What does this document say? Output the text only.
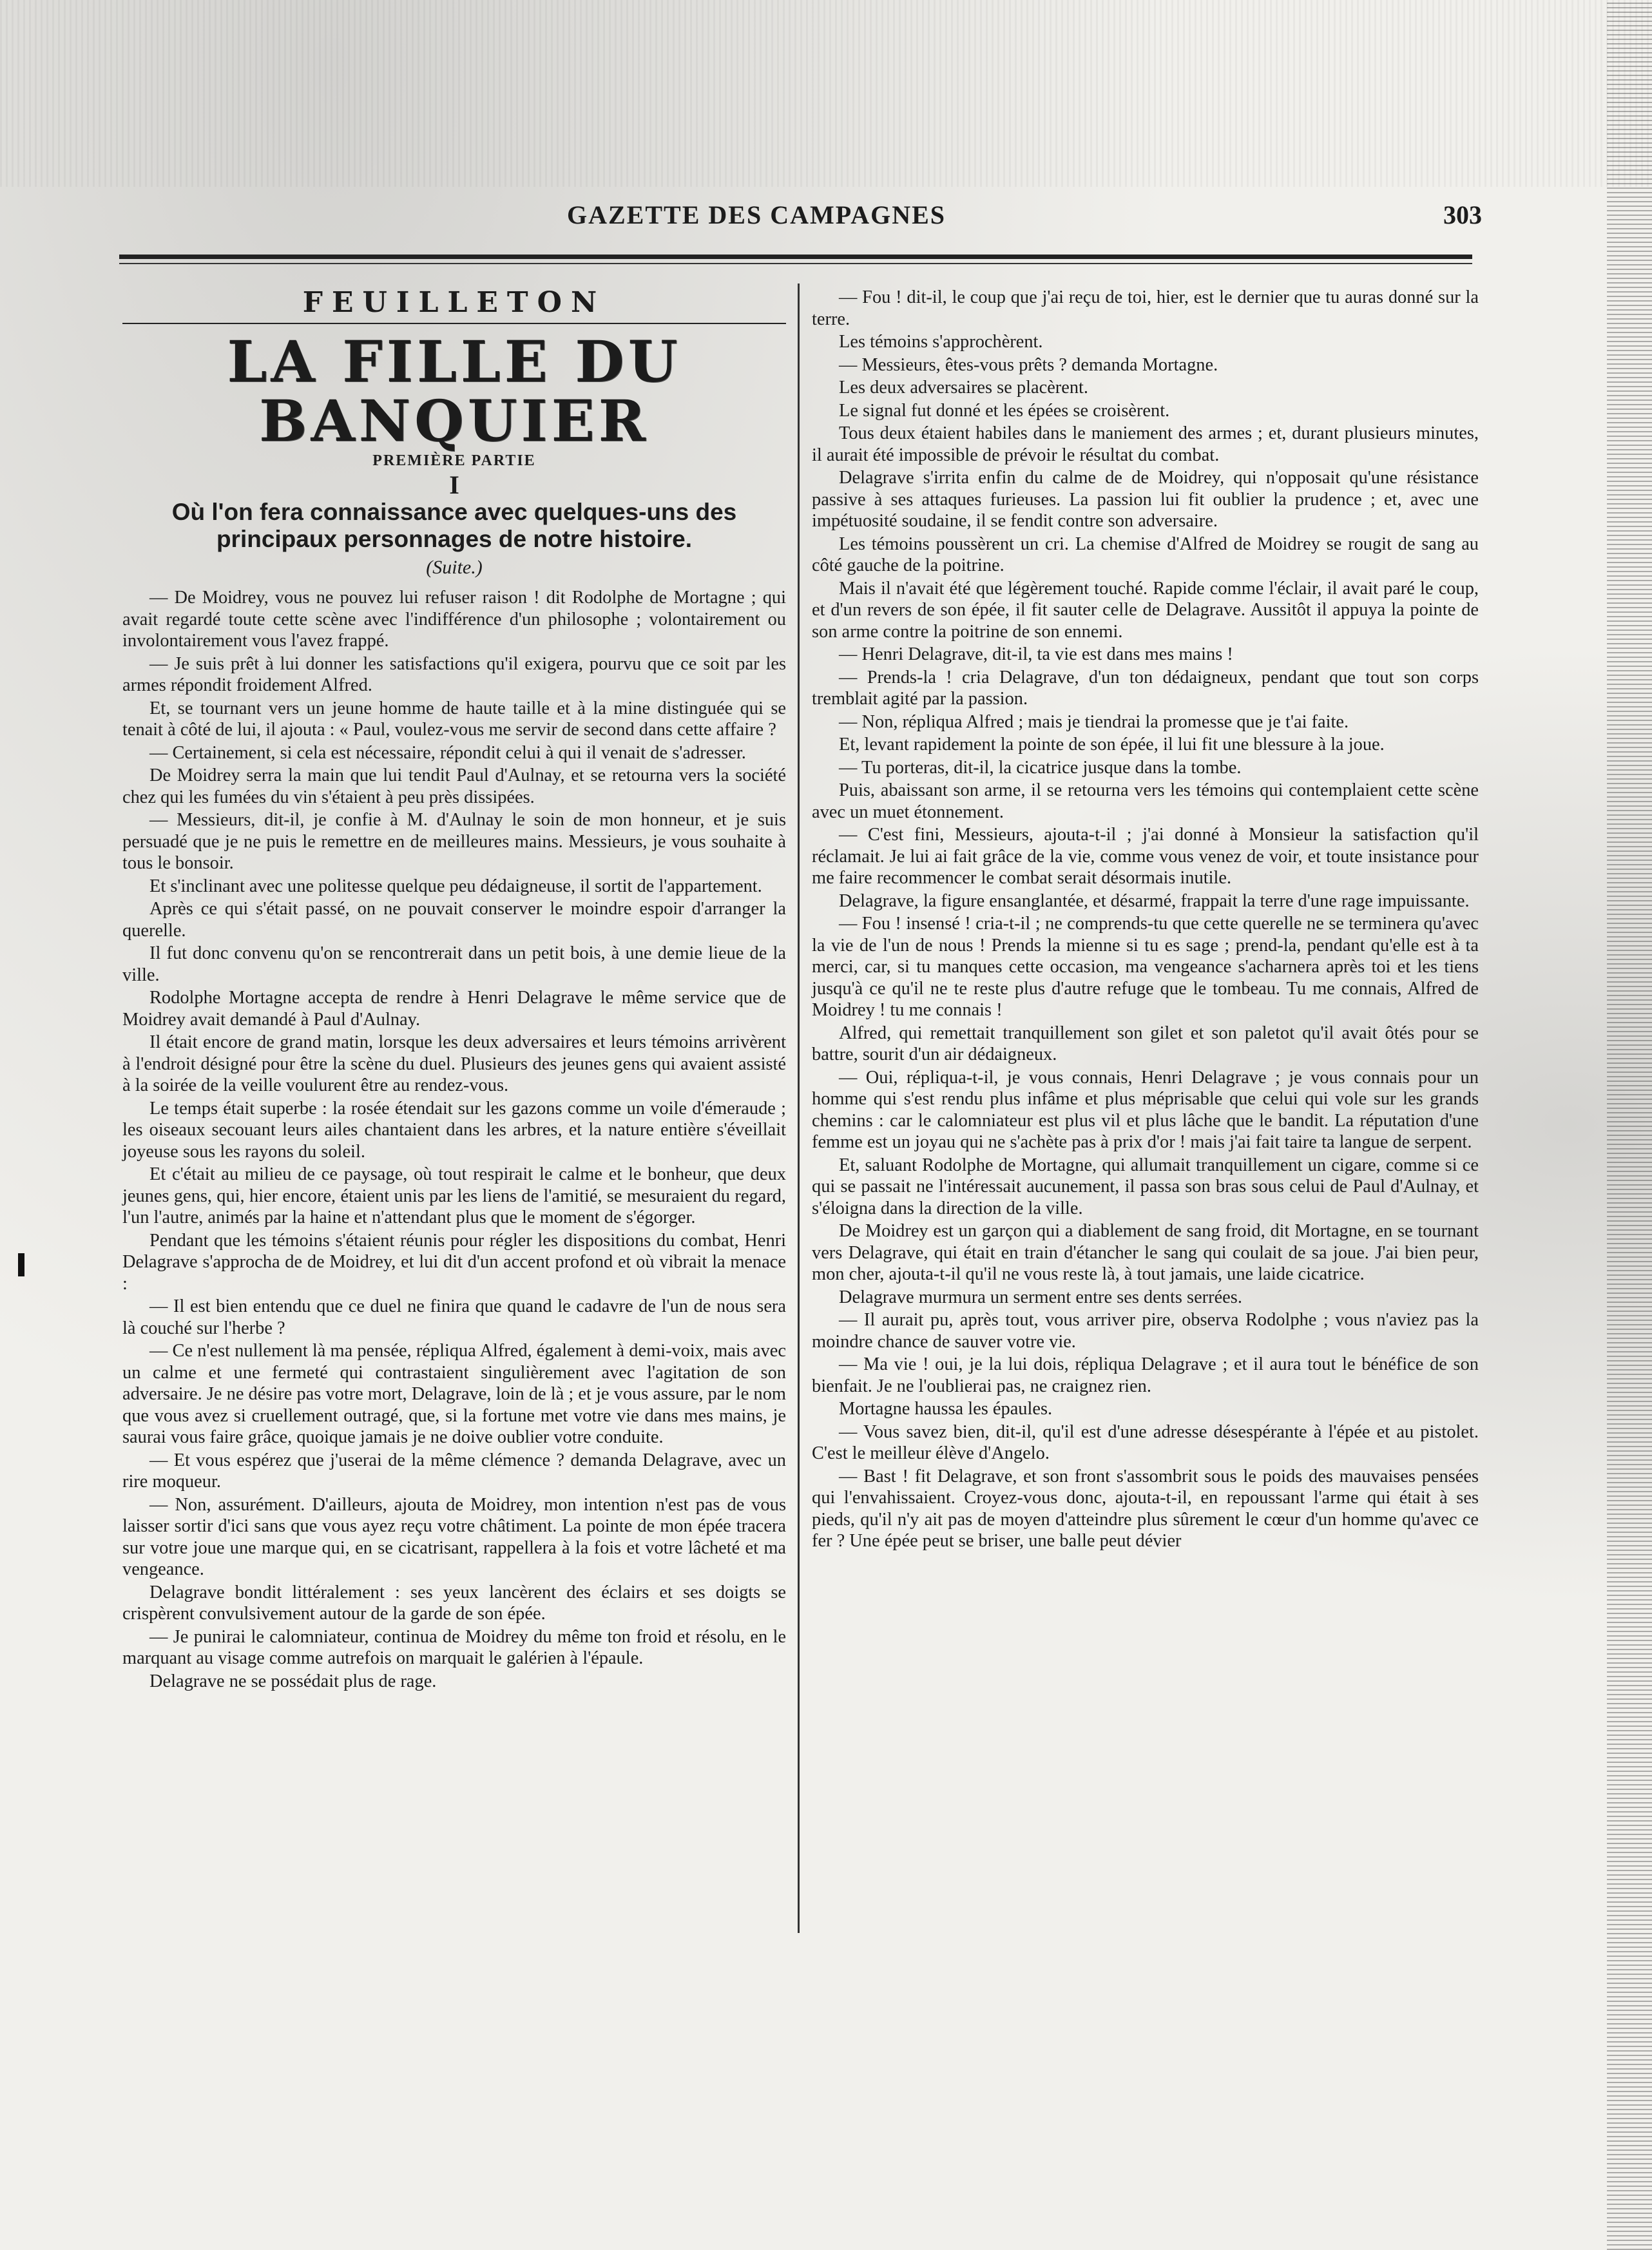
GAZETTE DES CAMPAGNES	303
FEUILLETON
LA FILLE DU BANQUIER
PREMIÈRE PARTIE
I
Où l'on fera connaissance avec quelques-uns des principaux personnages de notre histoire.
(Suite.)

— De Moidrey, vous ne pouvez lui refuser raison ! dit Rodolphe de Mortagne ; qui avait regardé toute cette scène avec l'indifférence d'un philosophe ; volontairement ou involontairement vous l'avez frappé.

— Je suis prêt à lui donner les satisfactions qu'il exigera, pourvu que ce soit par les armes répondit froidement Alfred.

Et, se tournant vers un jeune homme de haute taille et à la mine distinguée qui se tenait à côté de lui, il ajouta : « Paul, voulez-vous me servir de second dans cette affaire ?

— Certainement, si cela est nécessaire, répondit celui à qui il venait de s'adresser.

De Moidrey serra la main que lui tendit Paul d'Aulnay, et se retourna vers la société chez qui les fumées du vin s'étaient à peu près dissipées.

— Messieurs, dit-il, je confie à M. d'Aulnay le soin de mon honneur, et je suis persuadé que je ne puis le remettre en de meilleures mains. Messieurs, je vous souhaite à tous le bonsoir.

Et s'inclinant avec une politesse quelque peu dédaigneuse, il sortit de l'appartement.

Après ce qui s'était passé, on ne pouvait conserver le moindre espoir d'arranger la querelle.

Il fut donc convenu qu'on se rencontrerait dans un petit bois, à une demie lieue de la ville.

Rodolphe Mortagne accepta de rendre à Henri Delagrave le même service que de Moidrey avait demandé à Paul d'Aulnay.

Il était encore de grand matin, lorsque les deux adversaires et leurs témoins arrivèrent à l'endroit désigné pour être la scène du duel. Plusieurs des jeunes gens qui avaient assisté à la soirée de la veille voulurent être au rendez-vous.

Le temps était superbe : la rosée étendait sur les gazons comme un voile d'émeraude ; les oiseaux secouant leurs ailes chantaient dans les arbres, et la nature entière s'éveillait joyeuse sous les rayons du soleil.

Et c'était au milieu de ce paysage, où tout respirait le calme et le bonheur, que deux jeunes gens, qui, hier encore, étaient unis par les liens de l'amitié, se mesuraient du regard, l'un l'autre, animés par la haine et n'attendant plus que le moment de s'égorger.

Pendant que les témoins s'étaient réunis pour régler les dispositions du combat, Henri Delagrave s'approcha de de Moidrey, et lui dit d'un accent profond et où vibrait la menace :

— Il est bien entendu que ce duel ne finira que quand le cadavre de l'un de nous sera là couché sur l'herbe ?

— Ce n'est nullement là ma pensée, répliqua Alfred, également à demi-voix, mais avec un calme et une fermeté qui contrastaient singulièrement avec l'agitation de son adversaire. Je ne désire pas votre mort, Delagrave, loin de là ; et je vous assure, par le nom que vous avez si cruellement outragé, que, si la fortune met votre vie dans mes mains, je saurai vous faire grâce, quoique jamais je ne doive oublier votre conduite.

— Et vous espérez que j'userai de la même clémence ? demanda Delagrave, avec un rire moqueur.

— Non, assurément. D'ailleurs, ajouta de Moidrey, mon intention n'est pas de vous laisser sortir d'ici sans que vous ayez reçu votre châtiment. La pointe de mon épée tracera sur votre joue une marque qui, en se cicatrisant, rappellera à la fois et votre lâcheté et ma vengeance.

Delagrave bondit littéralement : ses yeux lancèrent des éclairs et ses doigts se crispèrent convulsivement autour de la garde de son épée.

— Je punirai le calomniateur, continua de Moidrey du même ton froid et résolu, en le marquant au visage comme autrefois on marquait le galérien à l'épaule.

Delagrave ne se possédait plus de rage.

— Fou ! dit-il, le coup que j'ai reçu de toi, hier, est le dernier que tu auras donné sur la terre.

Les témoins s'approchèrent.

— Messieurs, êtes-vous prêts ? demanda Mortagne.

Les deux adversaires se placèrent.

Le signal fut donné et les épées se croisèrent.

Tous deux étaient habiles dans le maniement des armes ; et, durant plusieurs minutes, il aurait été impossible de prévoir le résultat du combat.

Delagrave s'irrita enfin du calme de de Moidrey, qui n'opposait qu'une résistance passive à ses attaques furieuses. La passion lui fit oublier la prudence ; et, avec une impétuosité soudaine, il se fendit contre son adversaire.

Les témoins poussèrent un cri. La chemise d'Alfred de Moidrey se rougit de sang au côté gauche de la poitrine.

Mais il n'avait été que légèrement touché. Rapide comme l'éclair, il avait paré le coup, et d'un revers de son épée, il fit sauter celle de Delagrave. Aussitôt il appuya la pointe de son arme contre la poitrine de son ennemi.

— Henri Delagrave, dit-il, ta vie est dans mes mains !

— Prends-la ! cria Delagrave, d'un ton dédaigneux, pendant que tout son corps tremblait agité par la passion.

— Non, répliqua Alfred ; mais je tiendrai la promesse que je t'ai faite.

Et, levant rapidement la pointe de son épée, il lui fit une blessure à la joue.

— Tu porteras, dit-il, la cicatrice jusque dans la tombe.

Puis, abaissant son arme, il se retourna vers les témoins qui contemplaient cette scène avec un muet étonnement.

— C'est fini, Messieurs, ajouta-t-il ; j'ai donné à Monsieur la satisfaction qu'il réclamait. Je lui ai fait grâce de la vie, comme vous venez de voir, et toute insistance pour me faire recommencer le combat serait désormais inutile.

Delagrave, la figure ensanglantée, et désarmé, frappait la terre d'une rage impuissante.

— Fou ! insensé ! cria-t-il ; ne comprends-tu que cette querelle ne se terminera qu'avec la vie de l'un de nous ! Prends la mienne si tu es sage ; prend-la, pendant qu'elle est à ta merci, car, si tu manques cette occasion, ma vengeance s'acharnera après toi et les tiens jusqu'à ce qu'il ne te reste plus d'autre refuge que le tombeau. Tu me connais, Alfred de Moidrey ! tu me connais !

Alfred, qui remettait tranquillement son gilet et son paletot qu'il avait ôtés pour se battre, sourit d'un air dédaigneux.

— Oui, répliqua-t-il, je vous connais, Henri Delagrave ; je vous connais pour un homme qui s'est rendu plus infâme et plus méprisable que celui qui vole sur les grands chemins : car le calomniateur est plus vil et plus lâche que le bandit. La réputation d'une femme est un joyau qui ne s'achète pas à prix d'or ! mais j'ai fait taire ta langue de serpent.

Et, saluant Rodolphe de Mortagne, qui allumait tranquillement un cigare, comme si ce qui se passait ne l'intéressait aucunement, il passa son bras sous celui de Paul d'Aulnay, et s'éloigna dans la direction de la ville.

De Moidrey est un garçon qui a diablement de sang froid, dit Mortagne, en se tournant vers Delagrave, qui était en train d'étancher le sang qui coulait de sa joue. J'ai bien peur, mon cher, ajouta-t-il qu'il ne vous reste là, à tout jamais, une laide cicatrice.

Delagrave murmura un serment entre ses dents serrées.

— Il aurait pu, après tout, vous arriver pire, observa Rodolphe ; vous n'aviez pas la moindre chance de sauver votre vie.

— Ma vie ! oui, je la lui dois, répliqua Delagrave ; et il aura tout le bénéfice de son bienfait. Je ne l'oublierai pas, ne craignez rien.

Mortagne haussa les épaules.

— Vous savez bien, dit-il, qu'il est d'une adresse désespérante à l'épée et au pistolet. C'est le meilleur élève d'Angelo.

— Bast ! fit Delagrave, et son front s'assombrit sous le poids des mauvaises pensées qui l'envahissaient. Croyez-vous donc, ajouta-t-il, en repoussant l'arme qui était à ses pieds, qu'il n'y ait pas de moyen d'atteindre plus sûrement le cœur d'un homme qu'avec ce fer ? Une épée peut se briser, une balle peut dévier
